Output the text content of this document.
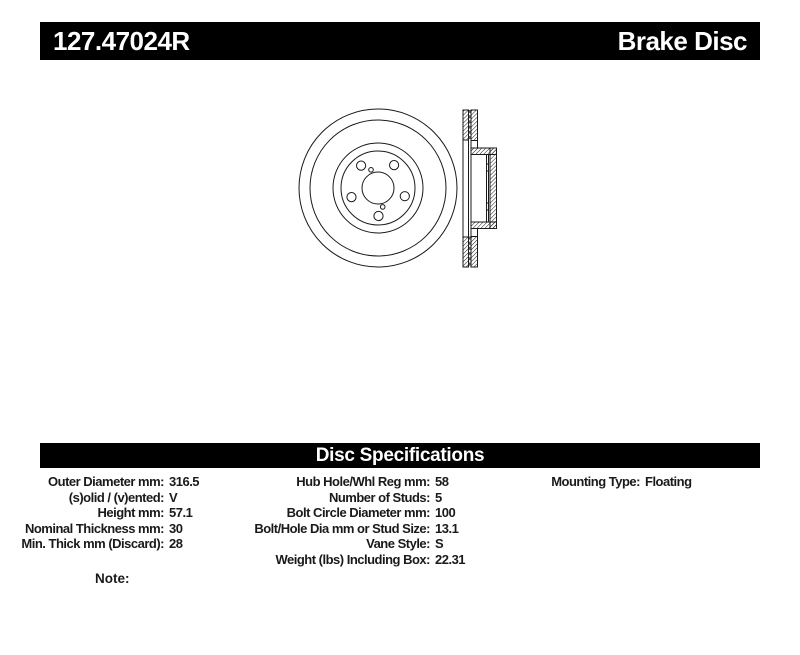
127.47024R	Brake Disc
Disc Specifications
Outer Diameter mm: 316.5
(s)olid / (v)ented: V
Height mm: 57.1
Nominal Thickness mm: 30
Min. Thick mm (Discard): 28
Hub Hole/Whl Reg mm: 58
Number of Studs: 5
Bolt Circle Diameter mm: 100
Bolt/Hole Dia mm or Stud Size: 13.1
Vane Style: S
Weight (lbs) Including Box: 22.31
Mounting Type: Floating
Note:
